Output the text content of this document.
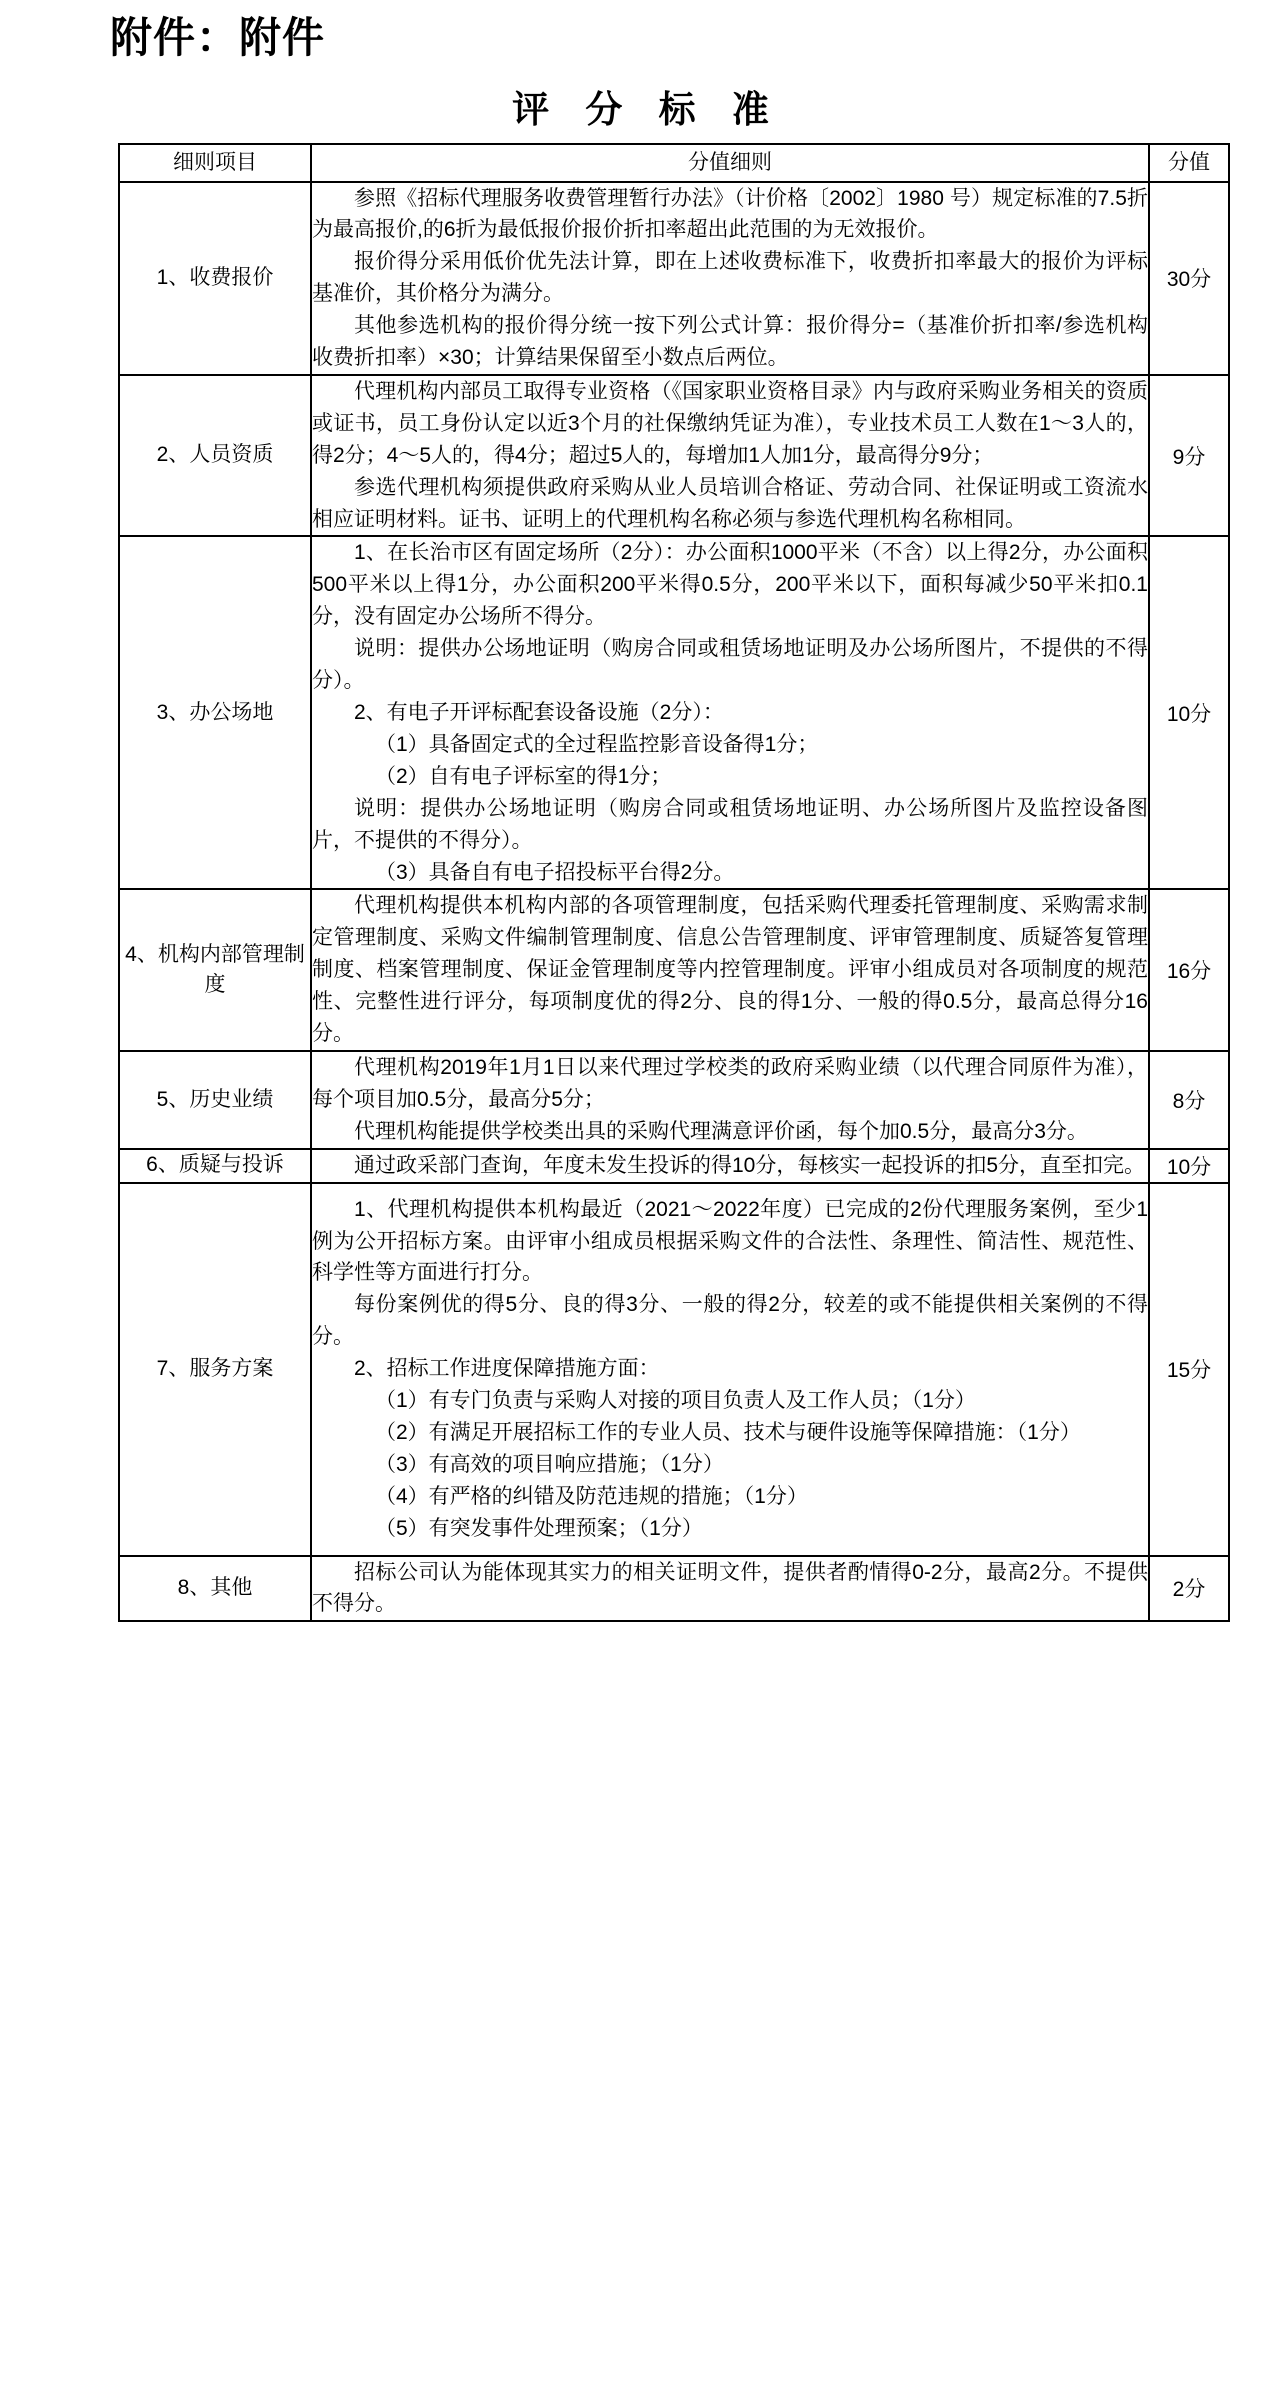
附件：附件
评 分 标 准
细则项目	分值细则	分值
1、收费报价	参照《招标代理服务收费管理暂行办法》（计价格〔2002〕1980 号）规定标准的7.5折为最高报价,的6折为最低报价报价折扣率超出此范围的为无效报价。

报价得分采用低价优先法计算，即在上述收费标准下，收费折扣率最大的报价为评标基准价，其价格分为满分。

其他参选机构的报价得分统一按下列公式计算：报价得分=（基准价折扣率/参选机构收费折扣率）×30；计算结果保留至小数点后两位。	30分
2、人员资质	代理机构内部员工取得专业资格（《国家职业资格目录》内与政府采购业务相关的资质或证书，员工身份认定以近3个月的社保缴纳凭证为准），专业技术员工人数在1～3人的，得2分；4～5人的，得4分；超过5人的，每增加1人加1分，最高得分9分；

参选代理机构须提供政府采购从业人员培训合格证、劳动合同、社保证明或工资流水相应证明材料。证书、证明上的代理机构名称必须与参选代理机构名称相同。	9分
3、办公场地	

1、在长治市区有固定场所（2分）：办公面积1000平米（不含）以上得2分，办公面积500平米以上得1分，办公面积200平米得0.5分，200平米以下，面积每减少50平米扣0.1分，没有固定办公场所不得分。

说明：提供办公场地证明（购房合同或租赁场地证明及办公场所图片，不提供的不得分）。

2、有电子开评标配套设备设施（2分）：

（1）具备固定式的全过程监控影音设备得1分；

（2）自有电子评标室的得1分；

说明：提供办公场地证明（购房合同或租赁场地证明、办公场所图片及监控设备图片，不提供的不得分）。

（3）具备自有电子招投标平台得2分。

	10分
4、机构内部管理制度	代理机构提供本机构内部的各项管理制度，包括采购代理委托管理制度、采购需求制定管理制度、采购文件编制管理制度、信息公告管理制度、评审管理制度、质疑答复管理制度、档案管理制度、保证金管理制度等内控管理制度。评审小组成员对各项制度的规范性、完整性进行评分，每项制度优的得2分、良的得1分、一般的得0.5分，最高总得分16分。	16分
5、历史业绩	代理机构2019年1月1日以来代理过学校类的政府采购业绩（以代理合同原件为准），每个项目加0.5分，最高分5分；

代理机构能提供学校类出具的采购代理满意评价函，每个加0.5分，最高分3分。	8分
6、质疑与投诉	通过政采部门查询，年度未发生投诉的得10分，每核实一起投诉的扣5分，直至扣完。	10分
7、服务方案	

1、代理机构提供本机构最近（2021～2022年度）已完成的2份代理服务案例，至少1例为公开招标方案。由评审小组成员根据采购文件的合法性、条理性、简洁性、规范性、科学性等方面进行打分。

每份案例优的得5分、良的得3分、一般的得2分，较差的或不能提供相关案例的不得分。

2、招标工作进度保障措施方面：

（1）有专门负责与采购人对接的项目负责人及工作人员；（1分）

（2）有满足开展招标工作的专业人员、技术与硬件设施等保障措施：（1分）

（3）有高效的项目响应措施；（1分）

（4）有严格的纠错及防范违规的措施；（1分）

（5）有突发事件处理预案；（1分）

	15分
8、其他	招标公司认为能体现其实力的相关证明文件，提供者酌情得0-2分，最高2分。不提供不得分。	2分
